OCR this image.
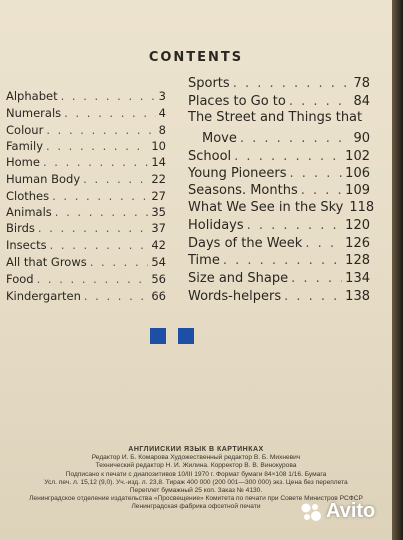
CONTENTS
Alphabet . . .	3
Numerals . . .	4
Colour . . .	8
Family . . .	10
Home . . .	14
Human Body . . .	22
Clothes . . .	27
Animals . . .	35
Birds . . .	37
Insects . . .	42
All that Grows . . .	54
Food . . .	56
Kindergarten . . .	66
Sports . . .	78
Places to Go to . . .	84
The Street and Things that
Move . . .	90
School . . .	102
Young Pioneers . . .	106
Seasons. Months . . .	109
What We See in the Sky 118
Holidays . . .	120
Days of the Week . . .	126
Time . . .	128
Size and Shape . . .	134
Words-helpers . . .	138
АНГЛИЙСКИЙ ЯЗЫК В КАРТИНКАХ
Редактор И. Б. Комарова Художественный редактор В. Б. Михневич
Технический редактор Н. И. Жилина. Корректор В. В. Винокурова
Подписано к печати с диапозитивов 10/III 1970 г. Формат бумаги 84×108 1/16. Бумага
Усл. печ. л. 15,12 (9,0). Уч.-изд. л. 23,8. Тираж 400 000 (200 001—300 000) экз. Цена без переплета
Переплет бумажный 25 коп. Заказ № 4130.
Ленинградское отделение издательства «Просвещение» Комитета по печати при Совете Министров РСФСР
Ленинградская фабрика офсетной печати	Avito
